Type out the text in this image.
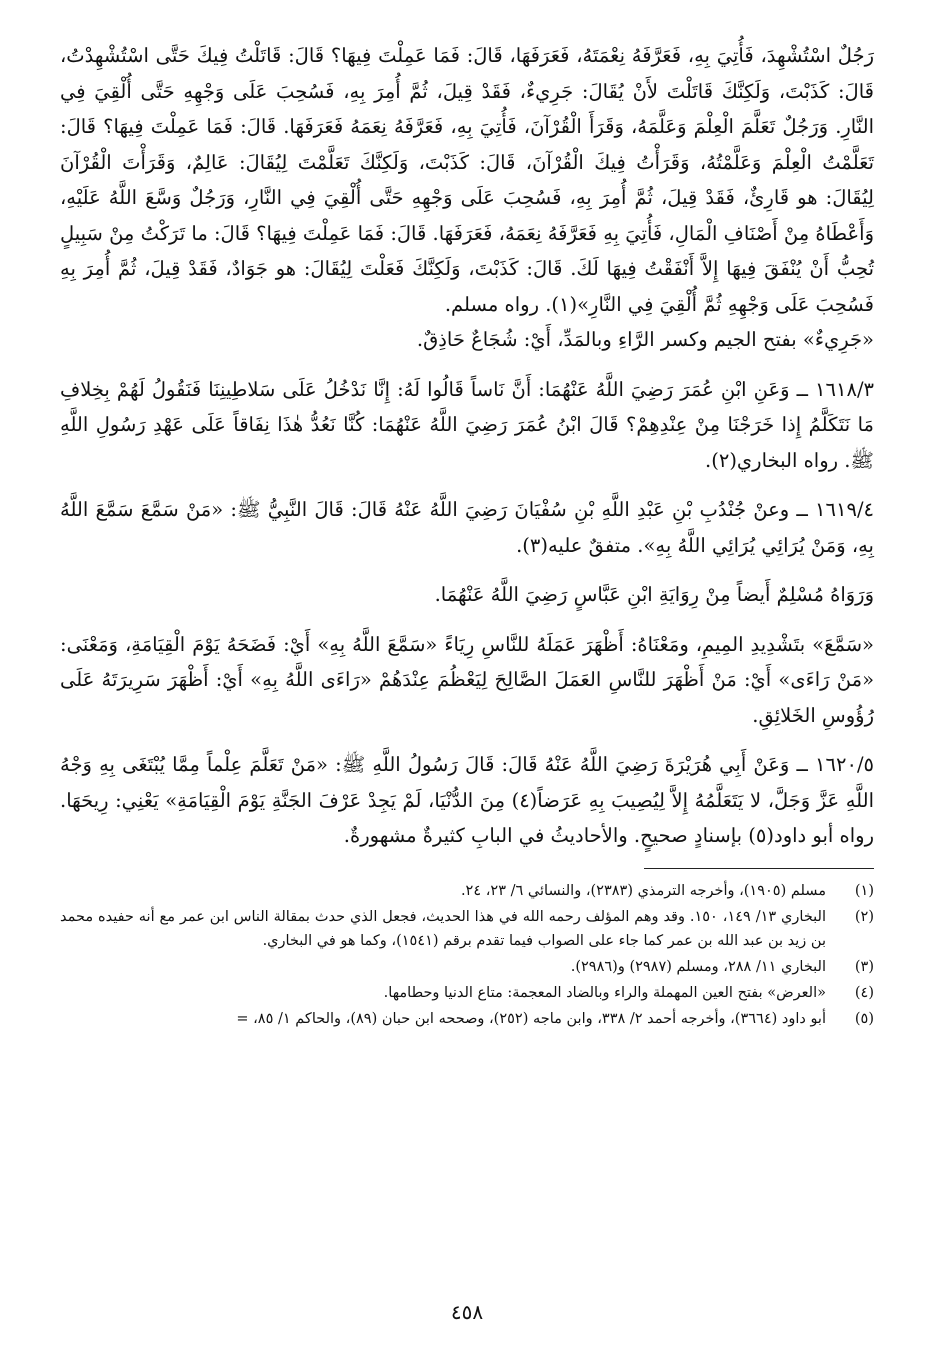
رَجُلٌ اسْتُشْهِدَ، فَأُتِيَ بِهِ، فَعَرَّفَهُ نِعْمَتَهُ، فَعَرَفَهَا، قَالَ: فَمَا عَمِلْتَ فِيهَا؟ قَالَ: قَاتَلْتُ فِيكَ حَتَّى اسْتُشْهِدْتُ، قَالَ: كَذَبْتَ، وَلَكِنَّكَ قَاتَلْتَ لأَنْ يُقَالَ: جَرِيءٌ، فَقَدْ قِيلَ، ثُمَّ أُمِرَ بِهِ، فَسُحِبَ عَلَى وَجْهِهِ حَتَّى أُلْقِيَ فِي النَّارِ. وَرَجُلٌ تَعَلَّمَ الْعِلْمَ وَعَلَّمَهُ، وَقَرَأَ الْقُرْآنَ، فَأُتِيَ بِهِ، فَعَرَّفَهُ نِعَمَهُ فَعَرَفَهَا. قَالَ: فَمَا عَمِلْتَ فِيهَا؟ قَالَ: تَعَلَّمْتُ الْعِلْمَ وَعَلَّمْتُهُ، وَقَرَأْتُ فِيكَ الْقُرْآنَ، قَالَ: كَذَبْتَ، وَلَكِنَّكَ تَعَلَّمْتَ لِيُقَالَ: عَالِمٌ، وَقَرَأْتَ الْقُرْآنَ لِيُقَالَ: هو قَارِئٌ، فَقَدْ قِيلَ، ثُمَّ أُمِرَ بِهِ، فَسُحِبَ عَلَى وَجْهِهِ حَتَّى أُلْقِيَ فِي النَّارِ، وَرَجُلٌ وَسَّعَ اللَّهُ عَلَيْهِ، وَأَعْطَاهُ مِنْ أَصْنَافِ الْمَالِ، فَأُتِيَ بِهِ فَعَرَّفَهُ نِعَمَهُ، فَعَرَفَهَا. قَالَ: فَمَا عَمِلْتَ فِيهَا؟ قَالَ: ما تَرَكْتُ مِنْ سَبِيلٍ تُحِبُّ أَنْ يُنْفَقَ فِيهَا إِلاَّ أَنْفَقْتُ فِيهَا لَكَ. قَالَ: كَذَبْتَ، وَلَكِنَّكَ فَعَلْتَ لِيُقَالَ: هو جَوَادٌ، فَقَدْ قِيلَ، ثُمَّ أُمِرَ بِهِ فَسُحِبَ عَلَى وَجْهِهِ ثُمَّ أُلْقِيَ فِي النَّارِ»(١). رواه مسلم.

«جَرِيءٌ» بفتح الجيم وكسر الرَّاءِ وبالمَدِّ، أَيْ: شُجَاعٌ حَاذِقٌ.

١٦١٨/٣ ــ وَعَنِ ابْنِ عُمَرَ رَضِيَ اللَّهُ عَنْهُمَا: أَنَّ نَاساً قَالُوا لَهُ: إِنَّا نَدْخُلُ عَلَى سَلاطِينِنَا فَنَقُولُ لَهُمْ بِخِلافِ مَا نَتَكَلَّمُ إِذا خَرَجْنَا مِنْ عِنْدِهِمْ؟ قَالَ ابْنُ عُمَرَ رَضِيَ اللَّهُ عَنْهُمَا: كُنَّا نَعُدُّ هٰذَا نِفَاقاً عَلَى عَهْدِ رَسُولِ اللَّهِ ﷺ. رواه البخاري(٢).

١٦١٩/٤ ــ وعنْ جُنْدُبِ بْنِ عَبْدِ اللَّهِ بْنِ سُفْيَانَ رَضِيَ اللَّهُ عَنْهُ قَالَ: قَالَ النَّبِيُّ ﷺ: «مَنْ سَمَّعَ سَمَّعَ اللَّهُ بِهِ، وَمَنْ يُرَائِي يُرَائِي اللَّهُ بِهِ». متفقٌ عليه(٣).

وَرَوَاهُ مُسْلِمٌ أَيضاً مِنْ رِوَايَةِ ابْنِ عَبَّاسٍ رَضِيَ اللَّهُ عَنْهُمَا.

«سَمَّعَ» بتَشْدِيدِ المِيمِ، ومَعْنَاهُ: أَظْهَرَ عَمَلَهُ للنَّاسِ رِيَاءً «سَمَّعَ اللَّهُ بِهِ» أَيْ: فَضَحَهُ يَوْمَ الْقِيَامَةِ، وَمَعْنَى: «مَنْ رَاءَى» أَيْ: مَنْ أَظْهَرَ للنَّاسِ العَمَلَ الصَّالِحَ لِيَعْظُمَ عِنْدَهُمْ «رَاءَى اللَّهُ بِهِ» أَيْ: أَظْهَرَ سَرِيرَتَهُ عَلَى رُؤُوسِ الخَلائِقِ.

١٦٢٠/٥ ــ وَعَنْ أَبِي هُرَيْرَةَ رَضِيَ اللَّهُ عَنْهُ قَالَ: قَالَ رَسُولُ اللَّهِ ﷺ: «مَنْ تَعَلَّمَ عِلْماً مِمَّا يُبْتَغَى بِهِ وَجْهُ اللَّهِ عَزَّ وَجَلَّ، لا يَتَعَلَّمُهُ إِلاَّ لِيُصِيبَ بِهِ عَرَضاً(٤) مِنَ الدُّنْيَا، لَمْ يَجِدْ عَرْفَ الجَنَّةِ يَوْمَ الْقِيَامَةِ» يَعْنِي: رِيحَهَا. رواه أبو داود(٥) بإسنادٍ صحيحٍ. والأحاديثُ في البابِ كثيرةٌ مشهورةٌ.

(١)
مسلم (١٩٠٥)، وأخرجه الترمذي (٢٣٨٣)، والنسائي ٦/ ٢٣، ٢٤.
(٢)
البخاري ١٣/ ١٤٩، ١٥٠. وقد وهم المؤلف رحمه الله في هذا الحديث، فجعل الذي حدث بمقالة الناس ابن عمر مع أنه حفيده محمد بن زيد بن عبد الله بن عمر كما جاء على الصواب فيما تقدم برقم (١٥٤١)، وكما هو في البخاري.
(٣)
البخاري ١١/ ٢٨٨، ومسلم (٢٩٨٧) و(٢٩٨٦).
(٤)
«العرض» بفتح العين المهملة والراء وبالضاد المعجمة: متاع الدنيا وحطامها.
(٥)
أبو داود (٣٦٦٤)، وأخرجه أحمد ٢/ ٣٣٨، وابن ماجه (٢٥٢)، وصححه ابن حبان (٨٩)، والحاكم ١/ ٨٥، =
٤٥٨
